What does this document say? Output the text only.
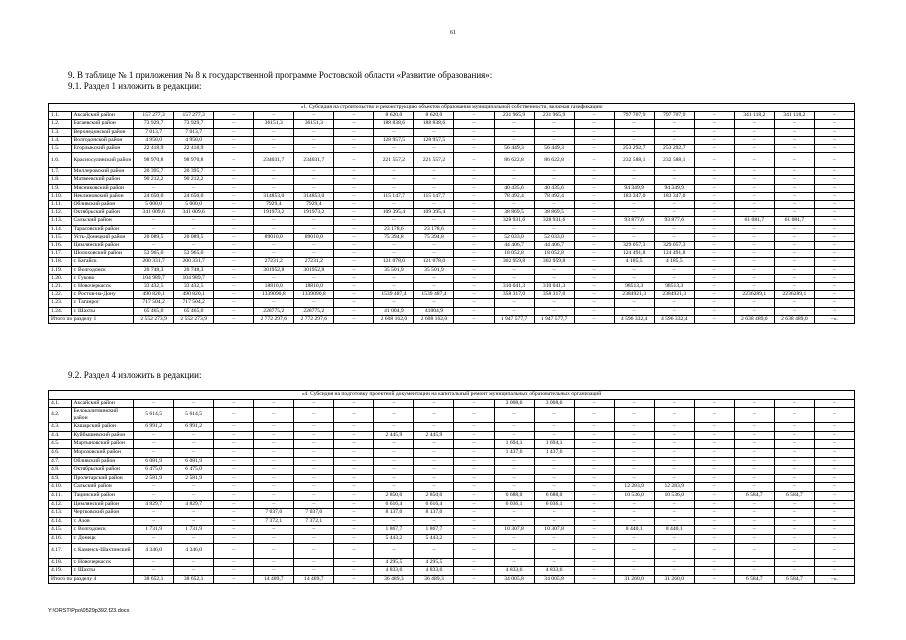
61
9. В таблице № 1 приложения № 8 к государственной программе Ростовской области «Развитие образования»:
9.1. Раздел 1 изложить в редакции:
9.2. Раздел 4 изложить в редакции:
«1. Субсидия на строительство и реконструкцию объектов образования муниципальной собственности, включая газификацию																			
1.1.	Аксайский район	157 277,3	157 277,3	–	–	–	–	8 620,0	8 620,0	–	231 965,9	231 965,9	–	797 707,9	797 707,9	–	341 118,2	341 118,2	–
1.2.	Багаевский район	73 929,7	73 929,7	–	36151,3	36151,3	–	188 838,6	188 838,6	–	–	–	–	–	–	–	–	–	–
1.3.	Верхнедонской район	7 013,7	7 013,7	–	–	–	–	–	–	–	–	–	–	–	–	–	–	–	–
1.4.	Волгодонской район	4 950,0	4 950,0	–	–	–	–	128 957,5	128 957,5	–	–	–	–	–	–	–	–	–	–
1.5.	Егорлыкский район	22 418,9	22 418,9	–	–	–	–	–	–	–	56 449,3	56 449,3	–	253 292,7	253 292,7	–	–	–	–
1.6.	Красносулинский район	98 970,8	98 970,8	–	234031,7	234031,7	–	221 557,2	221 557,2	–	86 622,8	86 622,8	–	232 588,1	232 588,1	–	–	–	–
1.7.	Миллеровский район	20 395,7	20 395,7	–	–	–	–	–	–	–	–	–	–	–	–	–	–	–	–
1.8.	Матвеевский район	90 212,2	90 212,2	–	–	–	–	–	–	–	–	–	–	–	–	–	–	–	–
1.9.	Мясниковский район	–	–	–	–	–	–	–	–	–	40 435,6	40 435,6	–	94 349,9	94 349,9	–	–	–	–
1.10.	Неклиновский район	24 650,0	24 650,0	–	314853,0	314853,0	–	115 147,7	115 147,7	–	78 492,4	78 492,4	–	183 347,0	183 347,0	–	–	–	–
1.11.	Обливский район	5 000,0	5 000,0	–	7929,4	7929,4	–	–	–	–	–	–	–	–	–	–	–	–	–
1.12.	Октябрьский район	341 009,6	341 009,6	–	191973,2	191973,2	–	109 395,4	109 395,4	–	38 869,5	38 869,5	–	–	–	–	–	–	–
1.13.	Сальский район	–	–	–	–	–	–	–	–	–	328 931,6	328 931,6	–	93 877,6	93 877,6	–	61 081,7	61 081,7	–
1.14.	Тарасовский район	–	–	–	–	–	–	23 178,6	23 178,6	–	–	–	–	–	–	–	–	–	–
1.15.	Усть-Донецкий район	20 089,5	20 089,5	–	89010,0	89010,0	–	75 394,8	75 394,8	–	52 033,0	52 033,0	–	–	–	–	–	–	–
1.16.	Цимлянский район	–	–	–	–	–	–	–	–	–	44 406,7	44 406,7	–	329 057,3	329 057,3	–	–	–	–
1.17.	Шолоховский район	53 965,0	53 965,0	–	–	–	–	–	–	–	18 052,8	18 052,8	–	124 491,8	124 491,8	–	–	–	–
1.18.	г. Батайск	200 331,7	200 331,7	–	27231,2	27231,2	–	121 078,0	121 078,0	–	302 959,8	302 959,8	–	4 185,5	4 185,5	–	–	–	–
1.19.	г. Волгодонск	20 748,3	20 748,3	–	301952,8	301952,8	–	35 501,9	35 501,9	–	–	–	–	–	–	–	–	–	–
1.20.	г. Гуково	104 989,7	104 989,7	–	–	–	–	–	–	–	–	–	–	–	–	–	–	–	–
1.21.	г. Новочеркасск	33 432,5	33 432,5	–	18810,0	18810,0	–	–	–	–	310 041,3	310 041,3	–	98513,3	98513,3	–	–	–	–
1.22.	г. Ростов-на-Дону	490 820,1	490 820,1	–	1339090,8	1339090,8	–	1539 487,4	1539 487,4	–	358 317,0	358 317,0	–	2384921,3	2384921,3	–	2236289,1	2236289,1	–
1.23.	г. Таганрог	717 504,2	717 504,2	–	–	–	–	–	–	–	–	–	–	–	–	–	–	–	–
1.24.	г. Шахты	65 465,0	65 465,0	–	228775,2	228775,2	–	41 004,9	41004,9	–	–	–	–	–	–	–	–	–	–
Итого по разделу 1		2 552 273,9	2 552 273,9	–	2 772 297,6	2 772 297,6	–	2 608 162,0	2 608 162,0	–	1 947 577,7	1 947 577,7	–	4 596 332,4	4 596 332,4	–	2 638 489,0	2 638 489,0	–».
«4. Субсидия на подготовку проектной документации на капитальный ремонт муниципальных образовательных организаций																			
4.1.	Аксайский район	–	–	–	–	–	–	–	–	–	3 008,6	3 008,6	–	–	–	–	–	–	–
4.2.	Белокалитвинский район	5 614,5	5 614,5	–	–	–	–	–	–	–	–	–	–	–	–	–	–	–	–
4.3.	Кашарский район	6 991,2	6 991,2	–	–	–	–	–	–	–	–	–	–	–	–	–	–	–	–
4.4.	Куйбышевский район	–	–	–	–	–	–	2 445,9	2 445,9	–	–	–	–	–	–	–	–	–	–
4.5.	Мартыновский район	–	–	–	–	–	–	–	–	–	1 694,1	1 694,1	–	–	–	–	–	–	–
4.6.	Морозовский район	–	–	–	–	–	–	–	–	–	1 437,6	1 437,6	–	–	–	–	–	–	–
4.7.	Обливский район	6 081,9	6 081,9	–	–	–	–	–	–	–	–	–	–	–	–	–	–	–	–
4.8.	Октябрьский район	6 475,0	6 475,0	–	–	–	–	–	–	–	–	–	–	–	–	–	–	–	–
4.9.	Пролетарский район	2 581,9	2 581,9	–	–	–	–	–	–	–	–	–	–	–	–	–	–	–	–
4.10.	Сальский район	–	–	–	–	–	–	–	–	–	–	–	–	12 283,9	12 283,9	–	–	–	–
4.11.	Тацинский район	–	–	–	–	–	–	2 850,0	2 850,0	–	6 688,0	6 688,0	–	10 536,0	10 536,0	–	6 584,7	6 584,7	–
4.12.	Цимлянский район	4 829,7	4 829,7	–	–	–	–	6 616,4	6 616,4	–	6 036,1	6 036,1	–	–	–	–	–	–	–
4.13.	Чертковский район	–	–	–	7 037,6	7 037,6	–	8 137,0	8 137,0	–	–	–	–	–	–	–	–	–	–
4.14.	г. Азов	–	–	–	7 372,1	7 372,1	–	–	–	–	–	–	–	–	–	–	–	–	–
4.15.	г. Волгодонск	1 731,9	1 731,9	–	–	–	–	1 867,7	1 867,7	–	10 307,8	10 307,8	–	8 440,1	8 440,1	–	–	–	–
4.16.	г. Донецк	–	–	–	–	–	–	5 443,2	5 443,2	–	–	–	–	–	–	–	–	–	–
4.17.	г. Каменск-Шахтинский	4 346,0	4 346,0	–	–	–	–	–	–	–	–	–	–	–	–	–	–	–	–
4.18.	г. Новочеркасск	–	–	–	–	–	–	4 295,5	4 295,5	–	–	–	–	–	–	–	–	–	–
4.19.	г. Шахты	–	–	–	–	–	–	4 833,6	4 833,6	–	4 833,6	4 833,6	–	–	–	–	–	–	–
Итого по разделу 4		38 652,1	38 652,1	–	14 409,7	14 409,7	–	36 489,3	36 489,3	–	34 005,8	34 005,8	–	31 260,0	31 260,0	–	6 584,7	6 584,7	–».
Y:\ORST\Ppo\0529p392.f23.docx
